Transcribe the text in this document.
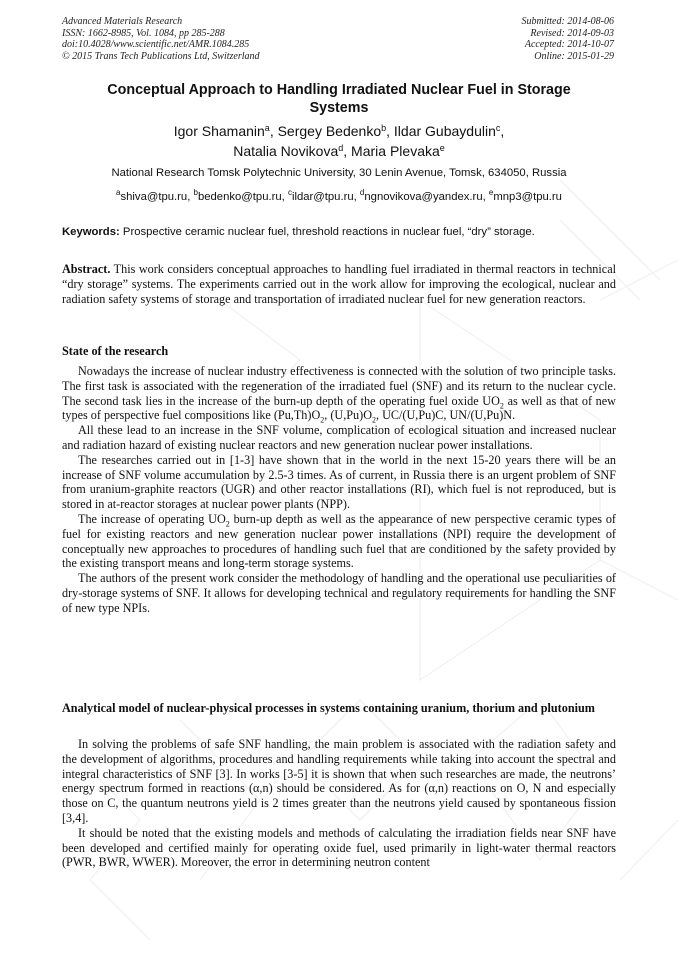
Advanced Materials Research
ISSN: 1662-8985, Vol. 1084, pp 285-288
doi:10.4028/www.scientific.net/AMR.1084.285
© 2015 Trans Tech Publications Ltd, Switzerland
Submitted: 2014-08-06
Revised: 2014-09-03
Accepted: 2014-10-07
Online: 2015-01-29
Conceptual Approach to Handling Irradiated Nuclear Fuel in Storage
Systems
Igor Shamanin$^a$, Sergey Bedenko$^b$, Ildar Gubaydulin$^c$,
Natalia Novikova$^d$, Maria Plevaka$^e$
National Research Tomsk Polytechnic University, 30 Lenin Avenue, Tomsk, 634050, Russia
$^a$shiva@tpu.ru, $^b$bedenko@tpu.ru, $^c$ildar@tpu.ru, $^d$ngnovikova@yandex.ru, $^e$mnp3@tpu.ru
Keywords: Prospective ceramic nuclear fuel, threshold reactions in nuclear fuel, “dry” storage.

Abstract. This work considers conceptual approaches to handling fuel irradiated in thermal reactors in technical “dry storage” systems. The experiments carried out in the work allow for improving the ecological, nuclear and radiation safety systems of storage and transportation of irradiated nuclear fuel for new generation reactors.

State of the research

Nowadays the increase of nuclear industry effectiveness is connected with the solution of two principle tasks. The first task is associated with the regeneration of the irradiated fuel (SNF) and its return to the nuclear cycle. The second task lies in the increase of the burn-up depth of the operating fuel oxide $UO_2$ as well as that of new types of perspective fuel compositions like $(Pu,Th)O_2$, $(U,Pu)O_2$, UC/(U,Pu)C, UN/(U,Pu)N.

All these lead to an increase in the SNF volume, complication of ecological situation and increased nuclear and radiation hazard of existing nuclear reactors and new generation nuclear power installations.

The researches carried out in [1-3] have shown that in the world in the next 15-20 years there will be an increase of SNF volume accumulation by 2.5-3 times. As of current, in Russia there is an urgent problem of SNF from uranium-graphite reactors (UGR) and other reactor installations (RI), which fuel is not reproduced, but is stored in at-reactor storages at nuclear power plants (NPP).

The increase of operating $UO_2$ burn-up depth as well as the appearance of new perspective ceramic types of fuel for existing reactors and new generation nuclear power installations (NPI) require the development of conceptually new approaches to procedures of handling such fuel that are conditioned by the safety provided by the existing transport means and long-term storage systems.

The authors of the present work consider the methodology of handling and the operational use peculiarities of dry-storage systems of SNF. It allows for developing technical and regulatory requirements for handling the SNF of new type NPIs.

Analytical model of nuclear-physical processes in systems containing uranium, thorium and plutonium

In solving the problems of safe SNF handling, the main problem is associated with the radiation safety and the development of algorithms, procedures and handling requirements while taking into account the spectral and integral characteristics of SNF [3]. In works [3-5] it is shown that when such researches are made, the neutrons’ energy spectrum formed in reactions (α,n) should be considered. As for (α,n) reactions on O, N and especially those on C, the quantum neutrons yield is 2 times greater than the neutrons yield caused by spontaneous fission [3,4].

It should be noted that the existing models and methods of calculating the irradiation fields near SNF have been developed and certified mainly for operating oxide fuel, used primarily in light-water thermal reactors (PWR, BWR, WWER). Moreover, the error in determining neutron content
